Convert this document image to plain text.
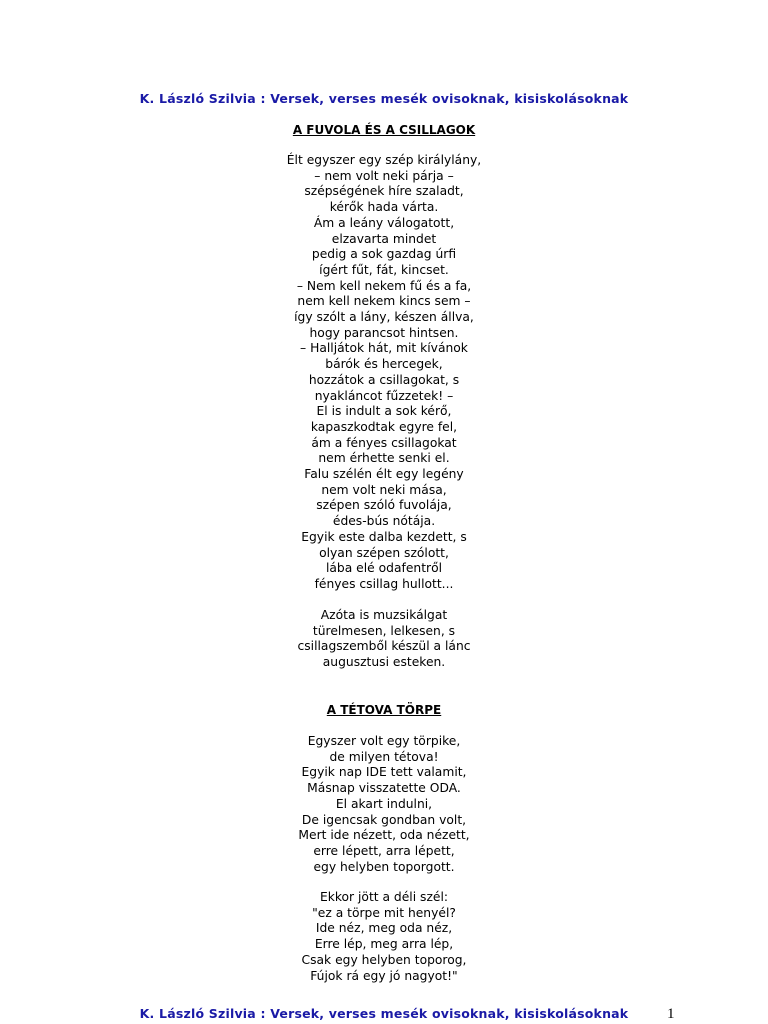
K. László Szilvia : Versek, verses mesék ovisoknak, kisiskolásoknak
A FUVOLA ÉS A CSILLAGOK
Élt egyszer egy szép királylány,
– nem volt neki párja –
szépségének híre szaladt,
kérők hada várta.
Ám a leány válogatott,
elzavarta mindet
pedig a sok gazdag úrfi
ígért fűt, fát, kincset.
– Nem kell nekem fű és a fa,
nem kell nekem kincs sem –
így szólt a lány, készen állva,
hogy parancsot hintsen.
– Halljátok hát, mit kívánok
bárók és hercegek,
hozzátok a csillagokat, s
nyakláncot fűzzetek! –
El is indult a sok kérő,
kapaszkodtak egyre fel,
ám a fényes csillagokat
nem érhette senki el.
Falu szélén élt egy legény
nem volt neki mása,
szépen szóló fuvolája,
édes-bús nótája.
Egyik este dalba kezdett, s
olyan szépen szólott,
lába elé odafentről
fényes csillag hullott...
Azóta is muzsikálgat
türelmesen, lelkesen, s
csillagszemből készül a lánc
augusztusi esteken.
A TÉTOVA TÖRPE
Egyszer volt egy törpike,
de milyen tétova!
Egyik nap IDE tett valamit,
Másnap visszatette ODA.
El akart indulni,
De igencsak gondban volt,
Mert ide nézett, oda nézett,
erre lépett, arra lépett,
egy helyben toporgott.
Ekkor jött a déli szél:
"ez a törpe mit henyél?
Ide néz, meg oda néz,
Erre lép, meg arra lép,
Csak egy helyben toporog,
Fújok rá egy jó nagyot!"
K. László Szilvia : Versek, verses mesék ovisoknak, kisiskolásoknak	1
